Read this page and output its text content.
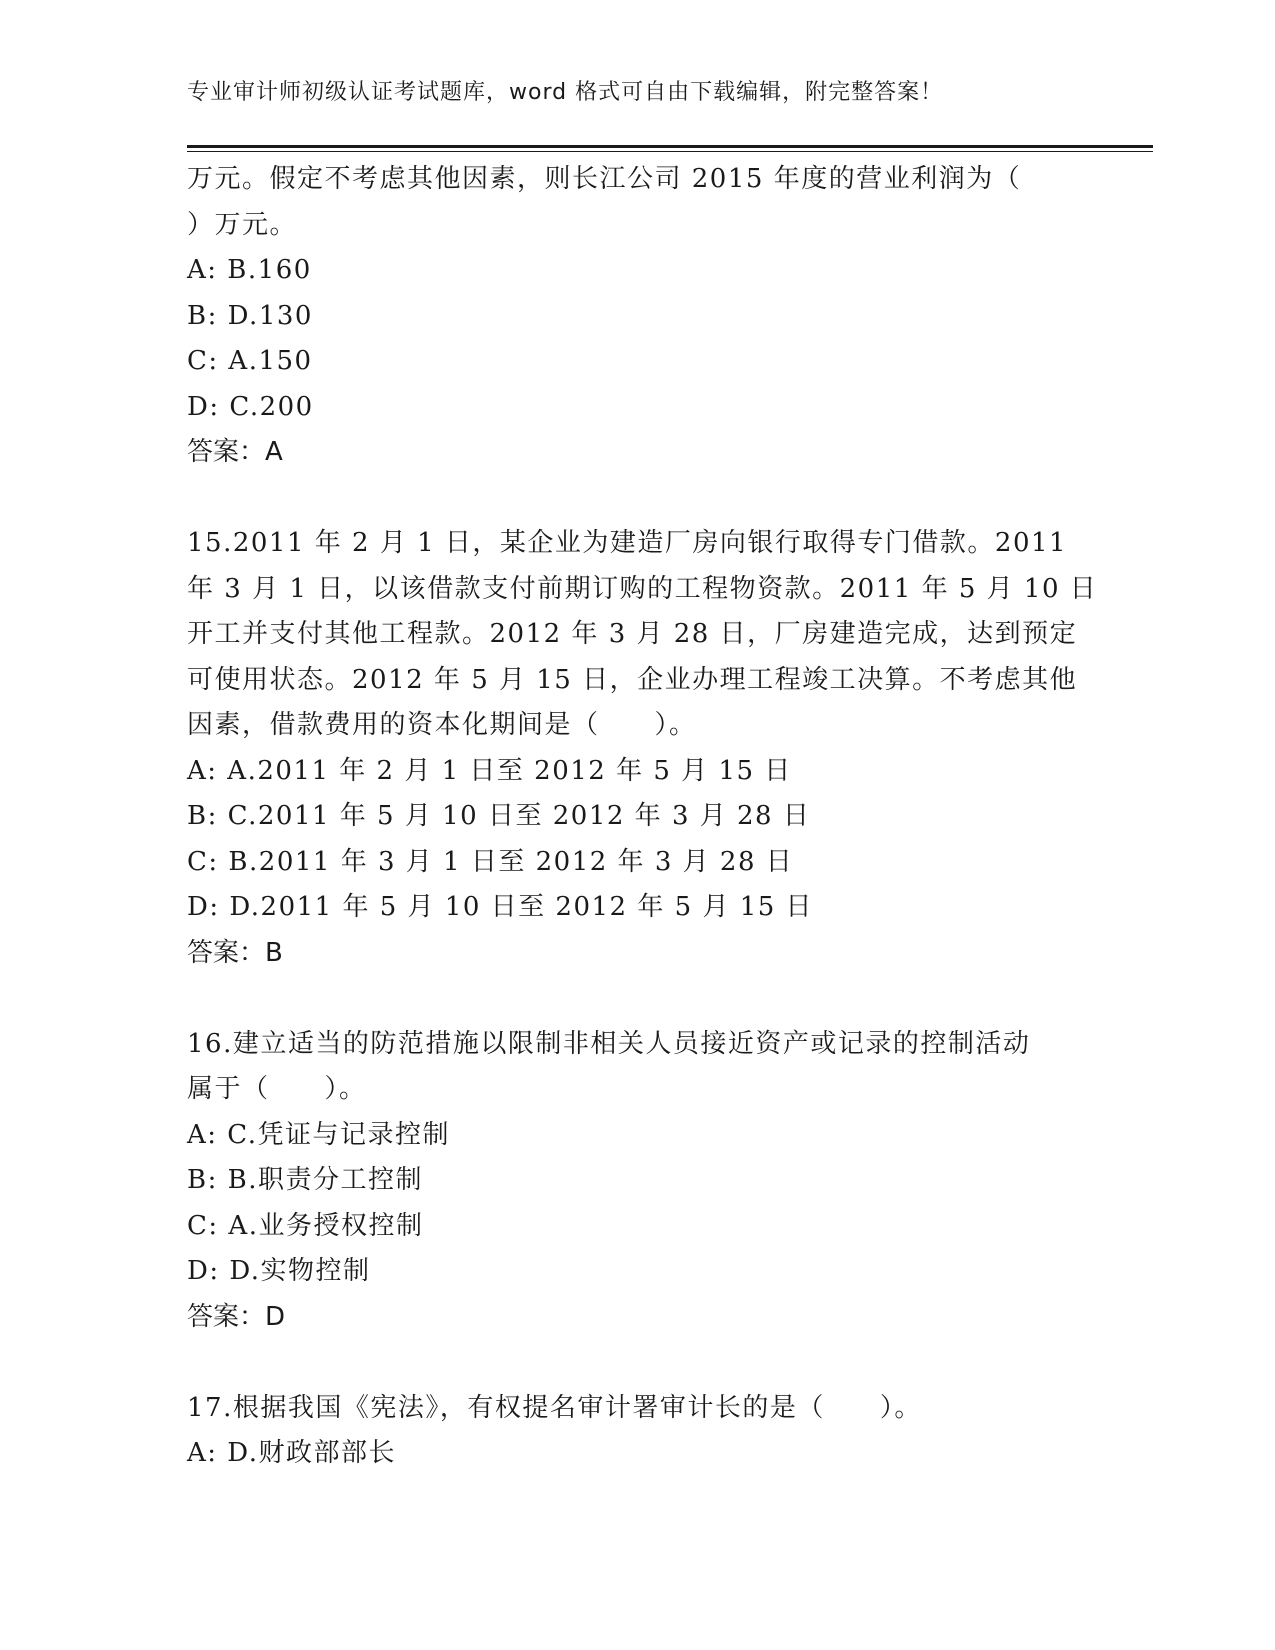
专业审计师初级认证考试题库，word 格式可自由下载编辑，附完整答案！
万元。假定不考虑其他因素，则长江公司 2015 年度的营业利润为（
）万元。
A: B.160
B: D.130
C: A.150
D: C.200
答案：A
15.2011 年 2 月 1 日，某企业为建造厂房向银行取得专门借款。2011
年 3 月 1 日，以该借款支付前期订购的工程物资款。2011 年 5 月 10 日
开工并支付其他工程款。2012 年 3 月 28 日，厂房建造完成，达到预定
可使用状态。2012 年 5 月 15 日，企业办理工程竣工决算。不考虑其他
因素，借款费用的资本化期间是（　　）。
A: A.2011 年 2 月 1 日至 2012 年 5 月 15 日
B: C.2011 年 5 月 10 日至 2012 年 3 月 28 日
C: B.2011 年 3 月 1 日至 2012 年 3 月 28 日
D: D.2011 年 5 月 10 日至 2012 年 5 月 15 日
答案：B
16.建立适当的防范措施以限制非相关人员接近资产或记录的控制活动
属于（　　）。
A: C.凭证与记录控制
B: B.职责分工控制
C: A.业务授权控制
D: D.实物控制
答案：D
17.根据我国《宪法》，有权提名审计署审计长的是（　　）。
A: D.财政部部长
